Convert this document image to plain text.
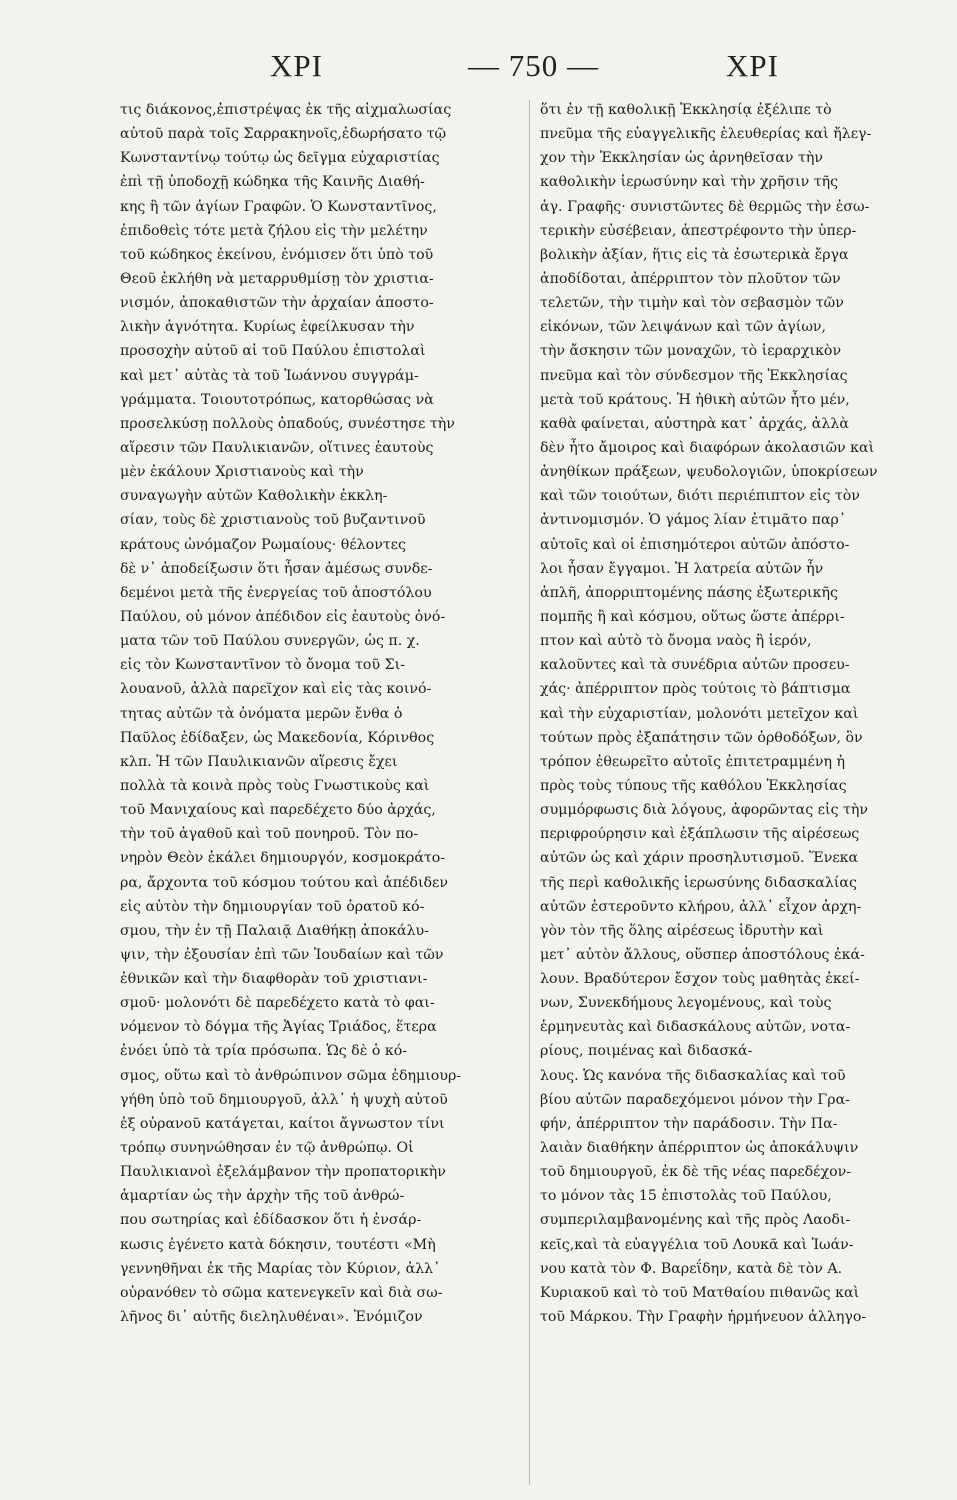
ΧΡΙ	— 750 —	ΧΡΙ
τις διάκονος,ἐπιστρέψας ἐκ τῆς αἰχμαλωσίας
αὐτοῦ παρὰ τοῖς Σαρρακηνοῖς,ἐδωρήσατο τῷ
Κωνσταντίνῳ τούτῳ ὡς δεῖγμα εὐχαριστίας
ἐπὶ τῇ ὑποδοχῇ κώδηκα τῆς Καινῆς Διαθή-
κης ἢ τῶν ἁγίων Γραφῶν. Ὁ Κωνσταντῖνος,
ἐπιδοθεὶς τότε μετὰ ζήλου εἰς τὴν μελέτην
τοῦ κώδηκος ἐκείνου, ἐνόμισεν ὅτι ὑπὸ τοῦ
Θεοῦ ἐκλήθη νὰ μεταρρυθμίσῃ τὸν χριστια-
νισμόν, ἀποκαθιστῶν τὴν ἀρχαίαν ἀποστο-
λικὴν ἁγνότητα. Κυρίως ἐφείλκυσαν τὴν
προσοχὴν αὐτοῦ αἱ τοῦ Παύλου ἐπιστολαὶ
καὶ μετ᾽ αὐτὰς τὰ τοῦ Ἰωάννου συγγράμ-
γράμματα. Τοιουτοτρόπως, κατορθώσας νὰ
προσελκύσῃ πολλοὺς ὀπαδούς, συνέστησε τὴν
αἵρεσιν τῶν Παυλικιανῶν, οἵτινες ἑαυτοὺς
μὲν ἐκάλουν Χριστιανοὺς καὶ τὴν
συναγωγὴν αὐτῶν Καθολικὴν ἐκκλη-
σίαν, τοὺς δὲ χριστιανοὺς τοῦ βυζαντινοῦ
κράτους ὠνόμαζον Ρωμαίους· θέλοντες
δὲ ν᾽ ἀποδείξωσιν ὅτι ἦσαν ἀμέσως συνδε-
δεμένοι μετὰ τῆς ἐνεργείας τοῦ ἀποστόλου
Παύλου, οὐ μόνον ἀπέδιδον εἰς ἑαυτοὺς ὀνό-
ματα τῶν τοῦ Παύλου συνεργῶν, ὡς π. χ.
εἰς τὸν Κωνσταντῖνον τὸ ὄνομα τοῦ Σι-
λουανοῦ, ἀλλὰ παρεῖχον καὶ εἰς τὰς κοινό-
τητας αὐτῶν τὰ ὀνόματα μερῶν ἔνθα ὁ
Παῦλος ἐδίδαξεν, ὡς Μακεδονία, Κόρινθος
κλπ. Ἡ τῶν Παυλικιανῶν αἵρεσις ἔχει
πολλὰ τὰ κοινὰ πρὸς τοὺς Γνωστικοὺς καὶ
τοῦ Μανιχαίους καὶ παρεδέχετο δύο ἀρχάς,
τὴν τοῦ ἀγαθοῦ καὶ τοῦ πονηροῦ. Τὸν πο-
νηρὸν Θεὸν ἐκάλει δημιουργόν, κοσμοκράτο-
ρα, ἄρχοντα τοῦ κόσμου τούτου καὶ ἀπέδιδεν
εἰς αὐτὸν τὴν δημιουργίαν τοῦ ὁρατοῦ κό-
σμου, τὴν ἐν τῇ Παλαιᾷ Διαθήκῃ ἀποκάλυ-
ψιν, τὴν ἐξουσίαν ἐπὶ τῶν Ἰουδαίων καὶ τῶν
ἐθνικῶν καὶ τὴν διαφθορὰν τοῦ χριστιανι-
σμοῦ· μολονότι δὲ παρεδέχετο κατὰ τὸ φαι-
νόμενον τὸ δόγμα τῆς Ἁγίας Τριάδος, ἕτερα
ἐνόει ὑπὸ τὰ τρία πρόσωπα. Ὡς δὲ ὁ κό-
σμος, οὕτω καὶ τὸ ἀνθρώπινον σῶμα ἐδημιουρ-
γήθη ὑπὸ τοῦ δημιουργοῦ, ἀλλ᾽ ἡ ψυχὴ αὐτοῦ
ἐξ οὐρανοῦ κατάγεται, καίτοι ἄγνωστον τίνι
τρόπῳ συνηνώθησαν ἐν τῷ ἀνθρώπῳ. Οἱ
Παυλικιανοὶ ἐξελάμβανον τὴν προπατορικὴν
ἁμαρτίαν ὡς τὴν ἀρχὴν τῆς τοῦ ἀνθρώ-
που σωτηρίας καὶ ἐδίδασκον ὅτι ἡ ἐνσάρ-
κωσις ἐγένετο κατὰ δόκησιν, τουτέστι «Μὴ
γεννηθῆναι ἐκ τῆς Μαρίας τὸν Κύριον, ἀλλ᾽
οὐρανόθεν τὸ σῶμα κατενεγκεῖν καὶ διὰ σω-
λῆνος δι᾽ αὐτῆς διεληλυθέναι». Ἐνόμιζον
ὅτι ἐν τῇ καθολικῇ Ἐκκλησίᾳ ἐξέλιπε τὸ
πνεῦμα τῆς εὐαγγελικῆς ἐλευθερίας καὶ ἤλεγ-
χον τὴν Ἐκκλησίαν ὡς ἀρνηθεῖσαν τὴν
καθολικὴν ἱερωσύνην καὶ τὴν χρῆσιν τῆς
ἁγ. Γραφῆς· συνιστῶντες δὲ θερμῶς τὴν ἐσω-
τερικὴν εὐσέβειαν, ἀπεστρέφοντο τὴν ὑπερ-
βολικὴν ἀξίαν, ἥτις εἰς τὰ ἐσωτερικὰ ἔργα
ἀποδίδοται, ἀπέρριπτον τὸν πλοῦτον τῶν
τελετῶν, τὴν τιμὴν καὶ τὸν σεβασμὸν τῶν
εἰκόνων, τῶν λειψάνων καὶ τῶν ἁγίων,
τὴν ἄσκησιν τῶν μοναχῶν, τὸ ἱεραρχικὸν
πνεῦμα καὶ τὸν σύνδεσμον τῆς Ἐκκλησίας
μετὰ τοῦ κράτους. Ἡ ἠθικὴ αὐτῶν ἦτο μέν,
καθὰ φαίνεται, αὐστηρὰ κατ᾽ ἀρχάς, ἀλλὰ
δὲν ἦτο ἄμοιρος καὶ διαφόρων ἀκολασιῶν καὶ
ἀνηθίκων πράξεων, ψευδολογιῶν, ὑποκρίσεων
καὶ τῶν τοιούτων, διότι περιέπιπτον εἰς τὸν
ἀντινομισμόν. Ὁ γάμος λίαν ἐτιμᾶτο παρ᾽
αὐτοῖς καὶ οἱ ἐπισημότεροι αὐτῶν ἀπόστο-
λοι ἦσαν ἔγγαμοι. Ἡ λατρεία αὐτῶν ἦν
ἁπλῆ, ἀπορριπτομένης πάσης ἐξωτερικῆς
πομπῆς ἢ καὶ κόσμου, οὕτως ὥστε ἀπέρρι-
πτον καὶ αὐτὸ τὸ ὄνομα ναὸς ἢ ἱερόν,
καλοῦντες καὶ τὰ συνέδρια αὐτῶν προσευ-
χάς· ἀπέρριπτον πρὸς τούτοις τὸ βάπτισμα
καὶ τὴν εὐχαριστίαν, μολονότι μετεῖχον καὶ
τούτων πρὸς ἐξαπάτησιν τῶν ὀρθοδόξων, ὃν
τρόπον ἐθεωρεῖτο αὐτοῖς ἐπιτετραμμένη ἡ
πρὸς τοὺς τύπους τῆς καθόλου Ἐκκλησίας
συμμόρφωσις διὰ λόγους, ἀφορῶντας εἰς τὴν
περιφρούρησιν καὶ ἐξάπλωσιν τῆς αἱρέσεως
αὐτῶν ὡς καὶ χάριν προσηλυτισμοῦ. Ἕνεκα
τῆς περὶ καθολικῆς ἱερωσύνης διδασκαλίας
αὐτῶν ἐστεροῦντο κλήρου, ἀλλ᾽ εἶχον ἀρχη-
γὸν τὸν τῆς ὅλης αἱρέσεως ἱδρυτὴν καὶ
μετ᾽ αὐτὸν ἄλλους, οὕσπερ ἀποστόλους ἐκά-
λουν. Βραδύτερον ἔσχον τοὺς μαθητὰς ἐκεί-
νων, Συνεκδήμους λεγομένους, καὶ τοὺς
ἑρμηνευτὰς καὶ διδασκάλους αὐτῶν, νοτα-
ρίους, ποιμένας καὶ διδασκά-
λους. Ὡς κανόνα τῆς διδασκαλίας καὶ τοῦ
βίου αὐτῶν παραδεχόμενοι μόνον τὴν Γρα-
φήν, ἀπέρριπτον τὴν παράδοσιν. Τὴν Πα-
λαιὰν διαθήκην ἀπέρριπτον ὡς ἀποκάλυψιν
τοῦ δημιουργοῦ, ἐκ δὲ τῆς νέας παρεδέχον-
το μόνον τὰς 15 ἐπιστολὰς τοῦ Παύλου,
συμπεριλαμβανομένης καὶ τῆς πρὸς Λαοδι-
κεῖς,καὶ τὰ εὐαγγέλια τοῦ Λουκᾶ καὶ Ἰωάν-
νου κατὰ τὸν Φ. Βαρεΐδην, κατὰ δὲ τὸν Α.
Κυριακοῦ καὶ τὸ τοῦ Ματθαίου πιθανῶς καὶ
τοῦ Μάρκου. Τὴν Γραφὴν ἡρμήνευον ἀλληγο-
